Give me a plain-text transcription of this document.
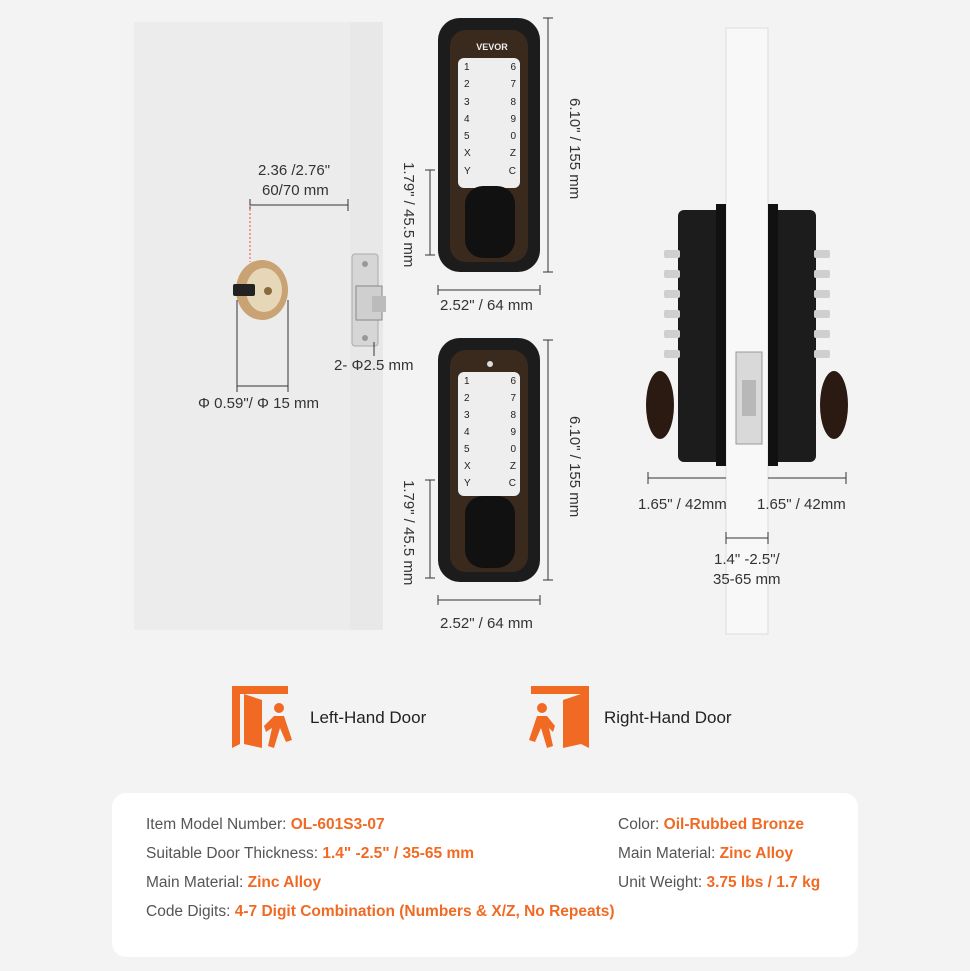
VEVOR
1	6
2	7
3	8
4	9
5	0
X	Z
Y	C
1	6
2	7
3	8
4	9
5	0
X	Z
Y	C
2.36 /2.76"
60/70 mm
Φ 0.59"/ Φ 15 mm
2- Φ2.5 mm
6.10" / 155 mm
1.79" / 45.5 mm
2.52" / 64 mm
6.10" / 155 mm
1.79" / 45.5 mm
2.52" / 64 mm
1.65" / 42mm 1.65" / 42mm
1.4" -2.5"/
35-65 mm
Left-Hand Door	Right-Hand Door
Item Model Number: OL-601S3-07
Suitable Door Thickness: 1.4" -2.5" / 35-65 mm
Main Material: Zinc Alloy
Code Digits: 4-7 Digit Combination (Numbers & X/Z, No Repeats)
Color: Oil-Rubbed Bronze
Main Material: Zinc Alloy
Unit Weight: 3.75 lbs / 1.7 kg
